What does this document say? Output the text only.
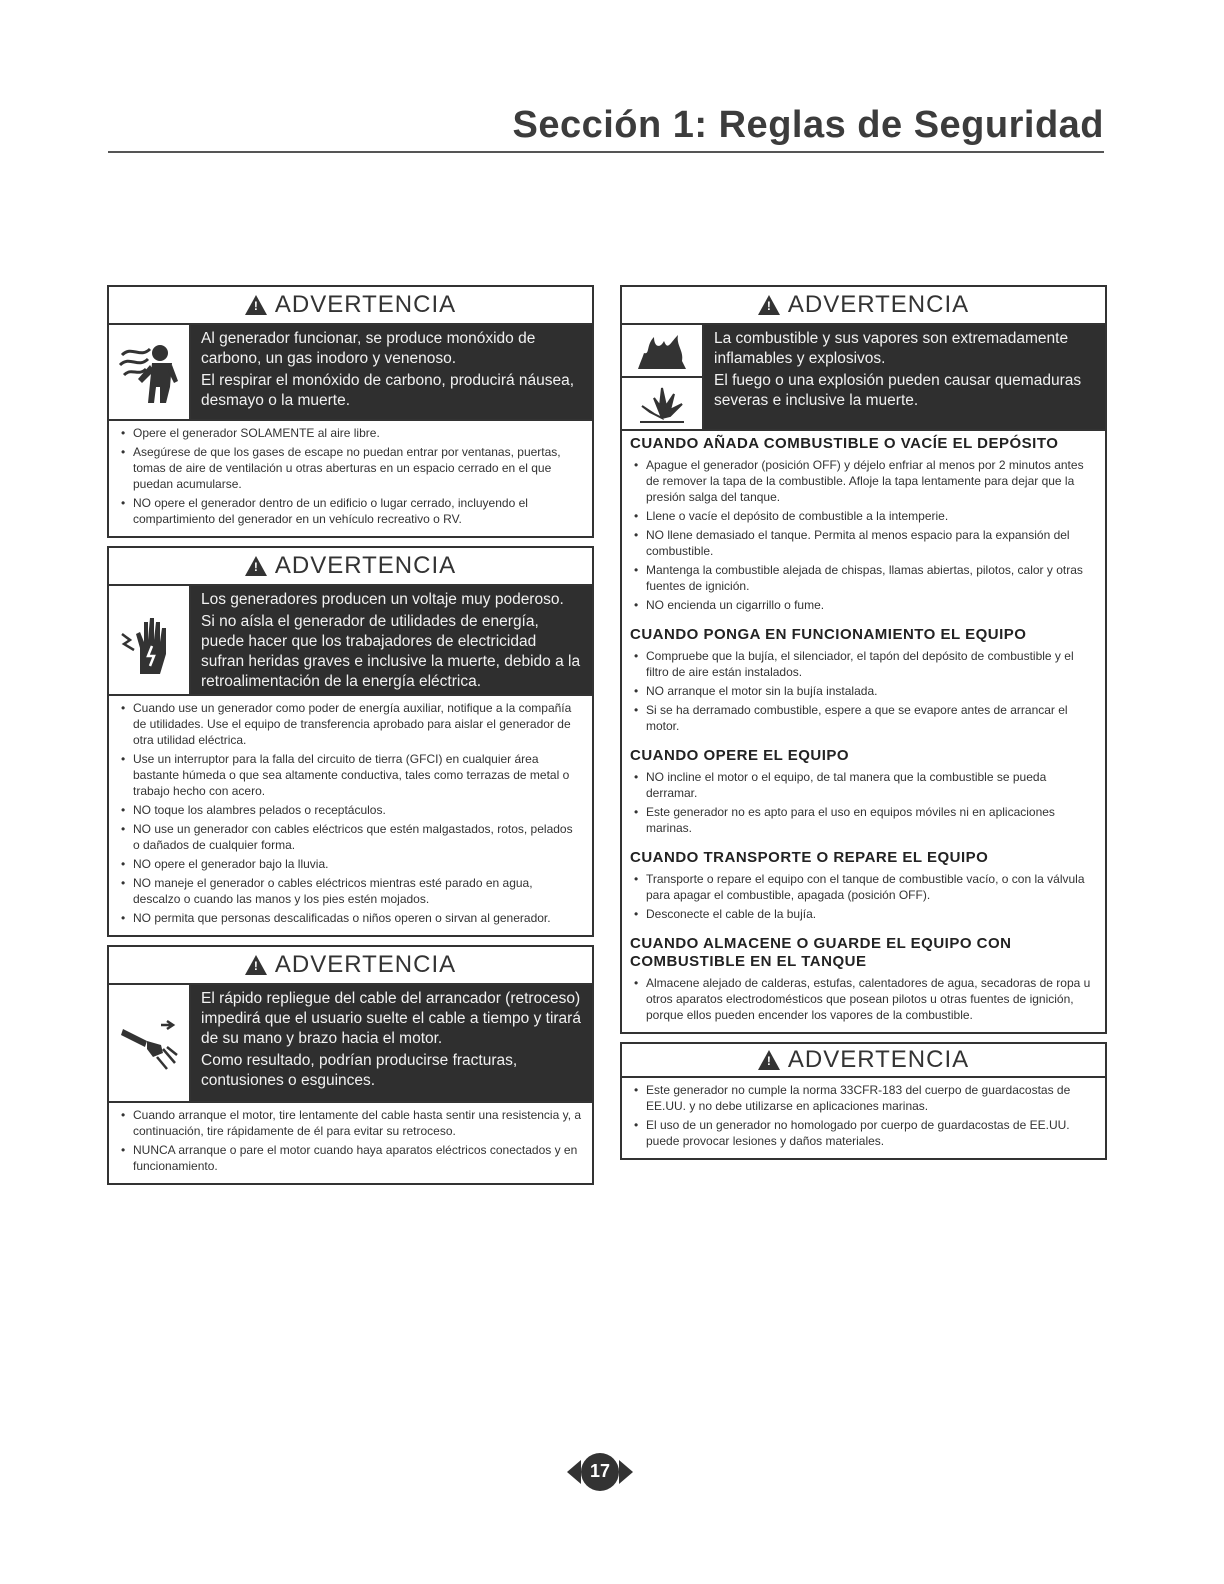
Sección 1: Reglas de Seguridad
!
ADVERTENCIA

Al generador funcionar, se produce monóxido de carbono, un gas inodoro y venenoso.

El respirar el monóxido de carbono, producirá náusea, desmayo o la muerte.

• Opere el generador SOLAMENTE al aire libre.
• Asegúrese de que los gases de escape no puedan entrar por ventanas, puertas, tomas de aire de ventilación u otras aberturas en un espacio cerrado en el que puedan acumularse.
• NO opere el generador dentro de un edificio o lugar cerrado, incluyendo el compartimiento del generador en un vehículo recreativo o RV.
!
ADVERTENCIA

Los generadores producen un voltaje muy poderoso.

Si no aísla el generador de utilidades de energía, puede hacer que los trabajadores de electricidad sufran heridas graves e inclusive la muerte, debido a la retroalimentación de la energía eléctrica.

• Cuando use un generador como poder de energía auxiliar, notifique a la compañía de utilidades. Use el equipo de transferencia aprobado para aislar el generador de otra utilidad eléctrica.
• Use un interruptor para la falla del circuito de tierra (GFCI) en cualquier área bastante húmeda o que sea altamente conductiva, tales como terrazas de metal o trabajo hecho con acero.
• NO toque los alambres pelados o receptáculos.
• NO use un generador con cables eléctricos que estén malgastados, rotos, pelados o dañados de cualquier forma.
• NO opere el generador bajo la lluvia.
• NO maneje el generador o cables eléctricos mientras esté parado en agua, descalzo o cuando las manos y los pies estén mojados.
• NO permita que personas descalificadas o niños operen o sirvan al generador.
!
ADVERTENCIA

El rápido repliegue del cable del arrancador (retroceso) impedirá que el usuario suelte el cable a tiempo y tirará de su mano y brazo hacia el motor.

Como resultado, podrían producirse fracturas, contusiones o esguinces.

• Cuando arranque el motor, tire lentamente del cable hasta sentir una resistencia y, a continuación, tire rápidamente de él para evitar su retroceso.
• NUNCA arranque o pare el motor cuando haya aparatos eléctricos conectados y en funcionamiento.
!
ADVERTENCIA

La combustible y sus vapores son extremadamente inflamables y explosivos.

El fuego o una explosión pueden causar quemaduras severas e inclusive la muerte.

CUANDO AÑADA COMBUSTIBLE O VACÍE EL DEPÓSITO
• Apague el generador (posición OFF) y déjelo enfriar al menos por 2 minutos antes de remover la tapa de la combustible. Afloje la tapa lentamente para dejar que la presión salga del tanque.
• Llene o vacíe el depósito de combustible a la intemperie.
• NO llene demasiado el tanque. Permita al menos espacio para la expansión del combustible.
• Mantenga la combustible alejada de chispas, llamas abiertas, pilotos, calor y otras fuentes de ignición.
• NO encienda un cigarrillo o fume.
CUANDO PONGA EN FUNCIONAMIENTO EL EQUIPO
• Compruebe que la bujía, el silenciador, el tapón del depósito de combustible y el filtro de aire están instalados.
• NO arranque el motor sin la bujía instalada.
• Si se ha derramado combustible, espere a que se evapore antes de arrancar el motor.
CUANDO OPERE EL EQUIPO
• NO incline el motor o el equipo, de tal manera que la combustible se pueda derramar.
• Este generador no es apto para el uso en equipos móviles ni en aplicaciones marinas.
CUANDO TRANSPORTE O REPARE EL EQUIPO
• Transporte o repare el equipo con el tanque de combustible vacío, o con la válvula para apagar el combustible, apagada (posición OFF).
• Desconecte el cable de la bujía.
CUANDO ALMACENE O GUARDE EL EQUIPO CON COMBUSTIBLE EN EL TANQUE
• Almacene alejado de calderas, estufas, calentadores de agua, secadoras de ropa u otros aparatos electrodomésticos que posean pilotos u otras fuentes de ignición, porque ellos pueden encender los vapores de la combustible.
!
ADVERTENCIA
• Este generador no cumple la norma 33CFR-183 del cuerpo de guardacostas de EE.UU. y no debe utilizarse en aplicaciones marinas.
• El uso de un generador no homologado por cuerpo de guardacostas de EE.UU. puede provocar lesiones y daños materiales.
17
